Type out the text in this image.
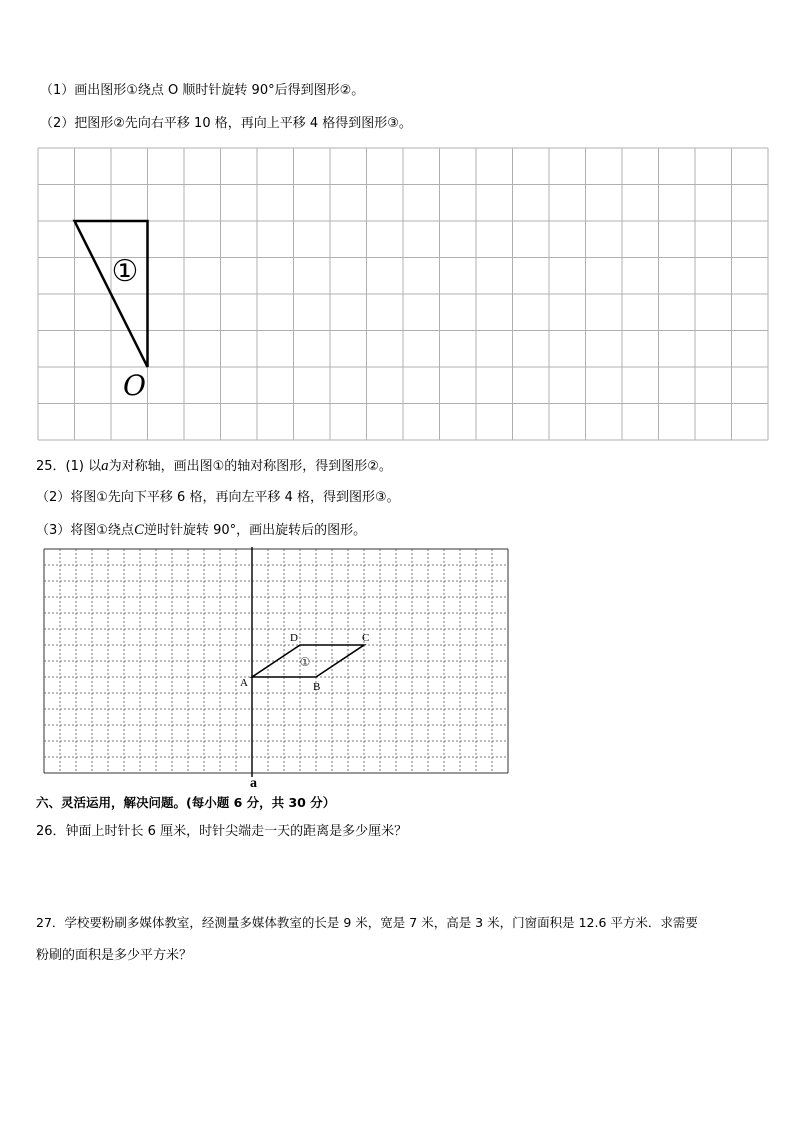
（1）画出图形①绕点 O 顺时针旋转 90°后得到图形②。
（2）把图形②先向右平移 10 格，再向上平移 4 格得到图形③。
①
O
a
①
A	B
C
D
25．(1) 以a为对称轴，画出图①的轴对称图形，得到图形②。
（2）将图①先向下平移 6 格，再向左平移 4 格，得到图形③。
（3）将图①绕点C逆时针旋转 90°，画出旋转后的图形。
六、灵活运用，解决问题。(每小题 6 分，共 30 分）
26．钟面上时针长 6 厘米，时针尖端走一天的距离是多少厘米？
27．学校要粉刷多媒体教室，经测量多媒体教室的长是 9 米，宽是 7 米，高是 3 米，门窗面积是 12.6 平方米．求需要
粉刷的面积是多少平方米？
